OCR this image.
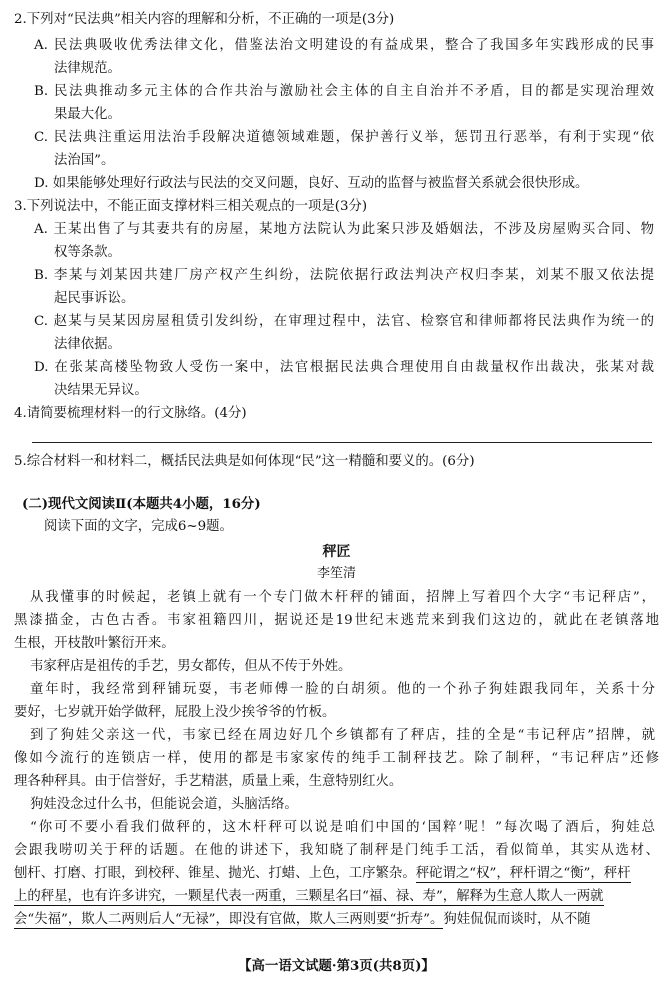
2.下列对“民法典”相关内容的理解和分析，不正确的一项是(3分)
A. 民法典吸收优秀法律文化，借鉴法治文明建设的有益成果，整合了我国多年实践形成的民事
法律规范。
B. 民法典推动多元主体的合作共治与激励社会主体的自主自治并不矛盾，目的都是实现治理效
果最大化。
C. 民法典注重运用法治手段解决道德领域难题，保护善行义举，惩罚丑行恶举，有利于实现“依
法治国”。
D. 如果能够处理好行政法与民法的交叉问题，良好、互动的监督与被监督关系就会很快形成。
3.下列说法中，不能正面支撑材料三相关观点的一项是(3分)
A. 王某出售了与其妻共有的房屋，某地方法院认为此案只涉及婚姻法，不涉及房屋购买合同、物
权等条款。
B. 李某与刘某因共建厂房产权产生纠纷，法院依据行政法判决产权归李某，刘某不服又依法提
起民事诉讼。
C. 赵某与吴某因房屋租赁引发纠纷，在审理过程中，法官、检察官和律师都将民法典作为统一的
法律依据。
D. 在张某高楼坠物致人受伤一案中，法官根据民法典合理使用自由裁量权作出裁决，张某对裁
决结果无异议。
4.请简要梳理材料一的行文脉络。(4分)
5.综合材料一和材料二，概括民法典是如何体现“民”这一精髓和要义的。(6分)
(二)现代文阅读Ⅱ(本题共4小题，16分)
阅读下面的文字，完成6~9题。
秤匠
李笙清
从我懂事的时候起，老镇上就有一个专门做木杆秤的铺面，招牌上写着四个大字“韦记秤店”，
黑漆描金，古色古香。韦家祖籍四川，据说还是19世纪末逃荒来到我们这边的，就此在老镇落地
生根，开枝散叶繁衍开来。
韦家秤店是祖传的手艺，男女都传，但从不传于外姓。
童年时，我经常到秤铺玩耍，韦老师傅一脸的白胡须。他的一个孙子狗娃跟我同年，关系十分
要好，七岁就开始学做秤，屁股上没少挨爷爷的竹板。
到了狗娃父亲这一代，韦家已经在周边好几个乡镇都有了秤店，挂的全是“韦记秤店”招牌，就
像如今流行的连锁店一样，使用的都是韦家家传的纯手工制秤技艺。除了制秤，“韦记秤店”还修
理各种秤具。由于信誉好，手艺精湛，质量上乘，生意特别红火。
狗娃没念过什么书，但能说会道，头脑活络。
“你可不要小看我们做秤的，这木杆秤可以说是咱们中国的‘国粹’呢！”每次喝了酒后，狗娃总
会跟我唠叨关于秤的话题。在他的讲述下，我知晓了制秤是门纯手工活，看似简单，其实从选材、
刨杆、打磨、打眼，到校秤、锥星、抛光、打蜡、上色，工序繁杂。秤砣谓之“权”，秤杆谓之“衡”，秤杆
上的秤星，也有许多讲究，一颗星代表一两重，三颗星名曰“福、禄、寿”，解释为生意人欺人一两就
会“失福”，欺人二两则后人“无禄”，即没有官做，欺人三两则要“折寿”。狗娃侃侃而谈时，从不随
【高一语文试题·第3页(共8页)】
